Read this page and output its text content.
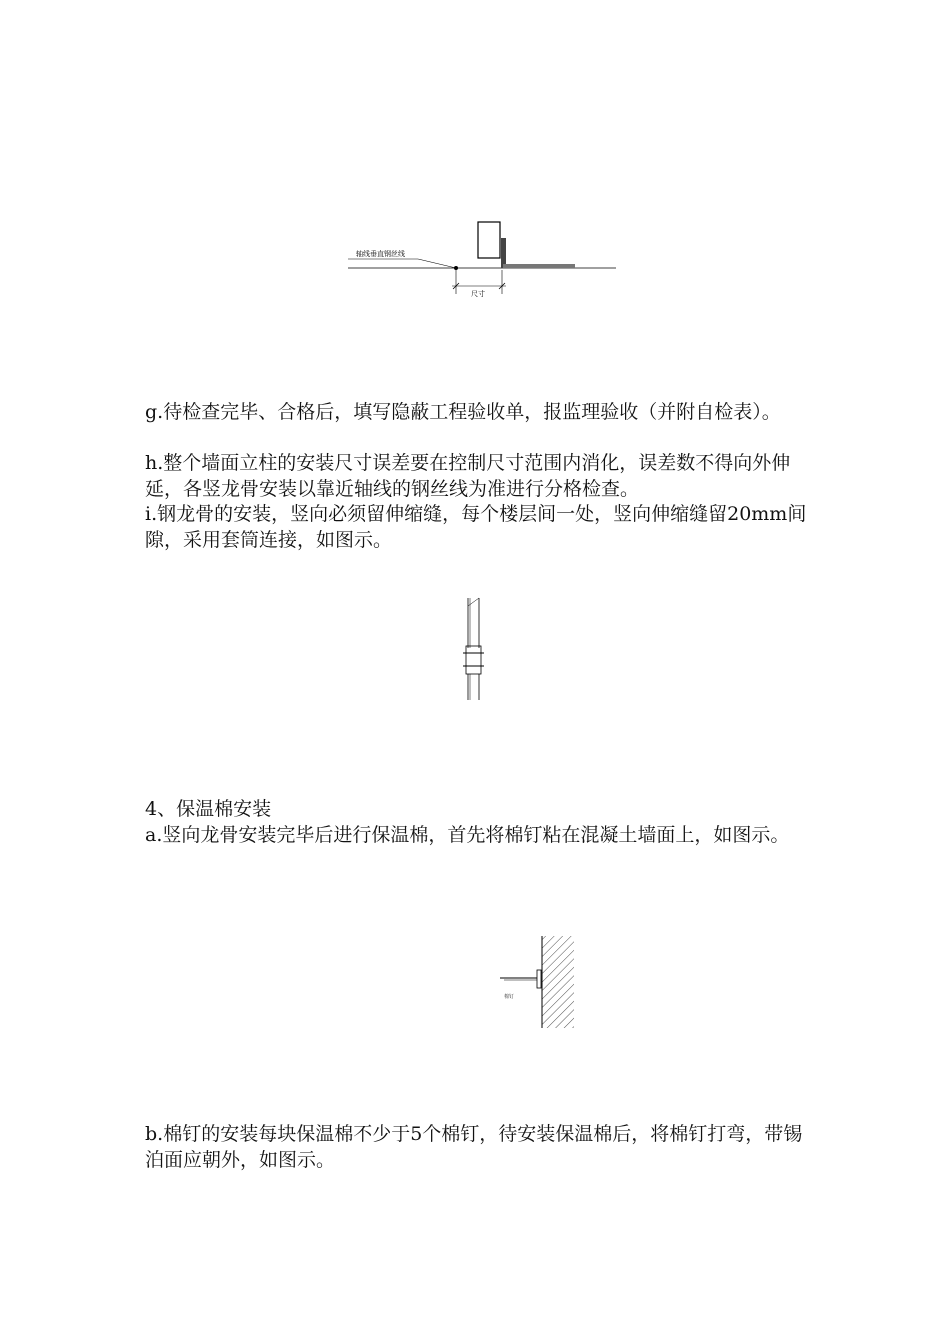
轴线垂直钢丝线
尺寸

g.待检查完毕、合格后，填写隐蔽工程验收单，报监理验收（并附自检表）。

h.整个墙面立柱的安装尺寸误差要在控制尺寸范围内消化，误差数不得向外伸延，各竖龙骨安装以靠近轴线的钢丝线为准进行分格检查。

i.钢龙骨的安装，竖向必须留伸缩缝，每个楼层间一处，竖向伸缩缝留20mm间隙，采用套筒连接，如图示。

4、保温棉安装

a.竖向龙骨安装完毕后进行保温棉，首先将棉钉粘在混凝土墙面上，如图示。

棉钉

b.棉钉的安装每块保温棉不少于5个棉钉，待安装保温棉后，将棉钉打弯，带锡泊面应朝外，如图示。
